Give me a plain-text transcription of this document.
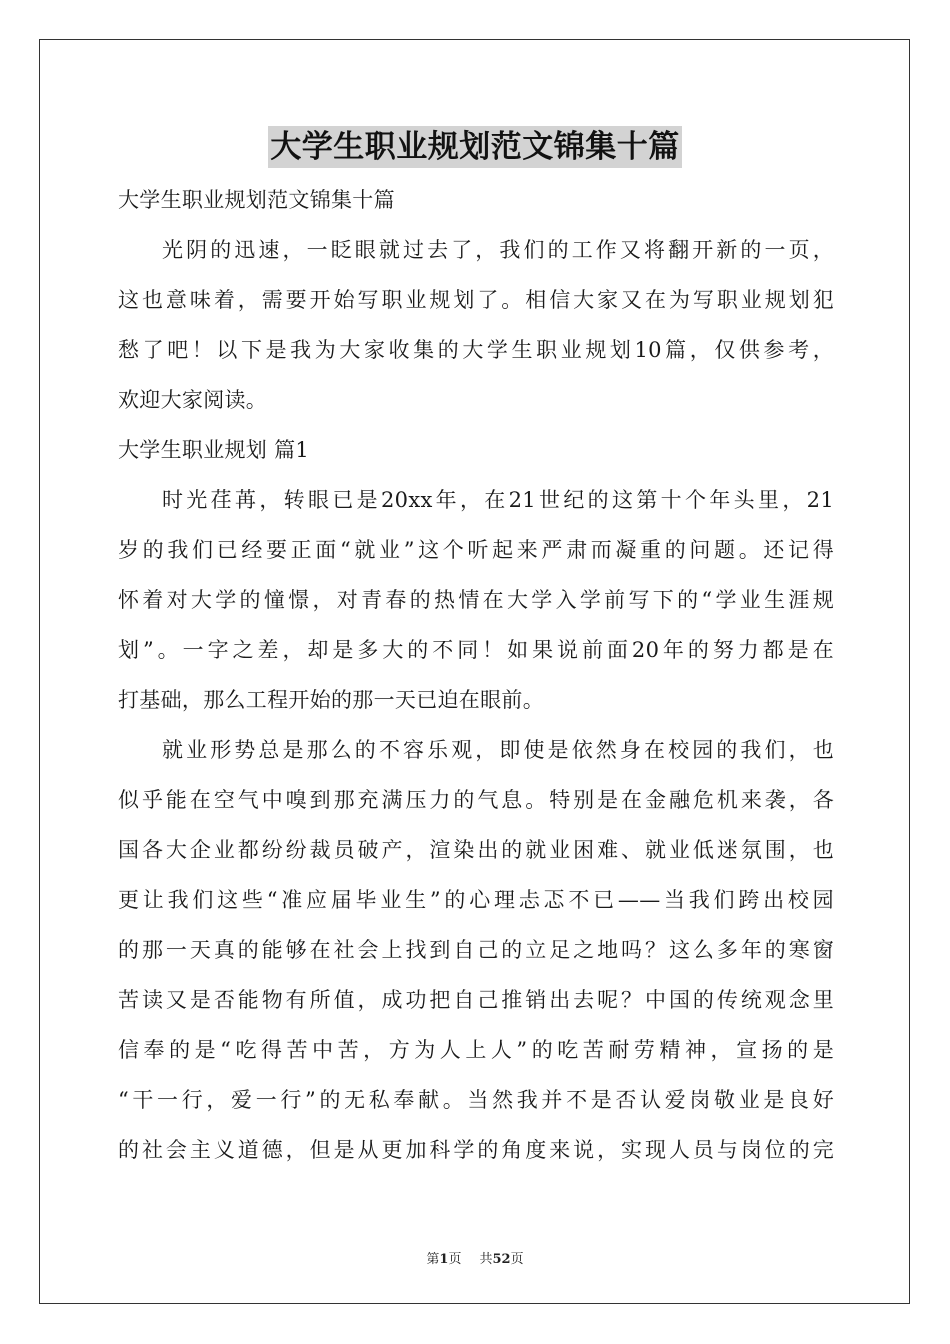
大学生职业规划范文锦集十篇
大学生职业规划范文锦集十篇
光阴的迅速，一眨眼就过去了，我们的工作又将翻开新的一页，
这也意味着，需要开始写职业规划了。相信大家又在为写职业规划犯
愁了吧！以下是我为大家收集的大学生职业规划10篇，仅供参考，
欢迎大家阅读。
大学生职业规划 篇1
时光荏苒，转眼已是20xx年，在21世纪的这第十个年头里，21
岁的我们已经要正面“就业”这个听起来严肃而凝重的问题。还记得
怀着对大学的憧憬，对青春的热情在大学入学前写下的“学业生涯规
划”。一字之差，却是多大的不同！如果说前面20年的努力都是在
打基础，那么工程开始的那一天已迫在眼前。
就业形势总是那么的不容乐观，即使是依然身在校园的我们，也
似乎能在空气中嗅到那充满压力的气息。特别是在金融危机来袭，各
国各大企业都纷纷裁员破产，渲染出的就业困难、就业低迷氛围，也
更让我们这些“准应届毕业生”的心理忐忑不已——当我们跨出校园
的那一天真的能够在社会上找到自己的立足之地吗？这么多年的寒窗
苦读又是否能物有所值，成功把自己推销出去呢？中国的传统观念里
信奉的是“吃得苦中苦，方为人上人”的吃苦耐劳精神，宣扬的是
“干一行，爱一行”的无私奉献。当然我并不是否认爱岗敬业是良好
的社会主义道德，但是从更加科学的角度来说，实现人员与岗位的完
第1页 共52页
